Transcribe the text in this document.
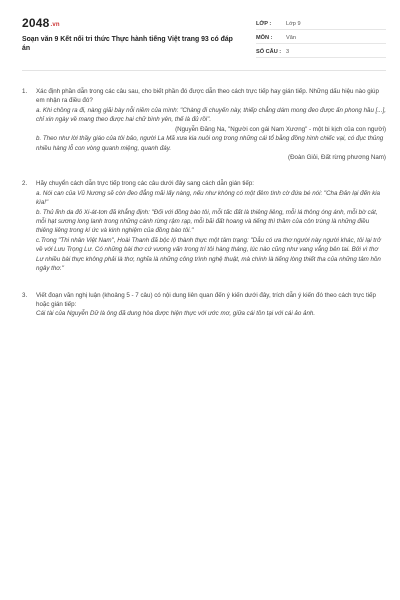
2048.vn
Soạn văn 9 Kết nối tri thức Thực hành tiếng Việt trang 93 có đáp án
LỚP :	Lớp 9
MÔN :	Văn
SỐ CÂU : 3
1.	Xác định phần dẫn trong các câu sau, cho biết phần đó được dẫn theo cách trực tiếp hay gián tiếp. Những dấu hiệu nào giúp em nhận ra điều đó?

a. Khi chồng ra đi, nàng giãi bày nỗi niềm của mình: "Chàng đi chuyến này, thiếp chẳng dám mong đeo được ấn phong hầu [...], chỉ xin ngày về mang theo được hai chữ bình yên, thế là đủ rồi".

(Nguyễn Đăng Na, "Người con gái Nam Xương" - một bi kịch của con người)

b. Theo như lời thầy giáo của tôi bảo, người La Mã xưa kia nuôi ong trong những cái tổ bằng đồng hình chiếc vại, có đục thủng nhiều hàng lỗ con vòng quanh miệng, quanh đáy.

(Đoàn Giỏi, Đất rừng phương Nam)

2.	Hãy chuyển cách dẫn trực tiếp trong các câu dưới đây sang cách dẫn gián tiếp:

a. Nói can của Vũ Nương sẽ còn đeo đẳng mãi lấy nàng, nếu như không có một đêm tình cờ đứa bé nói: "Cha Đản lại đến kia kìa!"

b. Thủ lĩnh da đỏ Xi-át-tơn đã khẳng định: "Đối với đồng bào tôi, mỗi tấc đất là thiêng liêng, mỗi lá thông óng ánh, mỗi bờ cát, mỗi hạt sương long lanh trong những cánh rừng rậm rạp, mỗi bãi đất hoang và tiếng thì thầm của côn trùng là những điều thiêng liêng trong kí ức và kinh nghiệm của đồng bào tôi."

c.Trong "Thi nhân Việt Nam", Hoài Thanh đã bộc lộ thành thực một tâm trạng: "Dẫu có ưa thơ người này người khác, tôi lại trở về với Lưu Trọng Lư. Có những bài thơ cứ vương vấn trong trí tôi hàng tháng, lúc nào cũng như vang vẳng bên tai. Bởi vì thơ Lư nhiều bài thực không phải là thơ, nghĩa là những công trình nghệ thuật, mà chính là tiếng lòng thiết tha của những tâm hồn ngây thơ."

3.	Viết đoạn văn nghị luận (khoảng 5 - 7 câu) có nội dung liên quan đến ý kiến dưới đây, trích dẫn ý kiến đó theo cách trực tiếp hoặc gián tiếp:

Cái tài của Nguyễn Dữ là ông đã dung hòa được hiện thực với ước mơ, giữa cái tồn tại với cái ảo ảnh.
